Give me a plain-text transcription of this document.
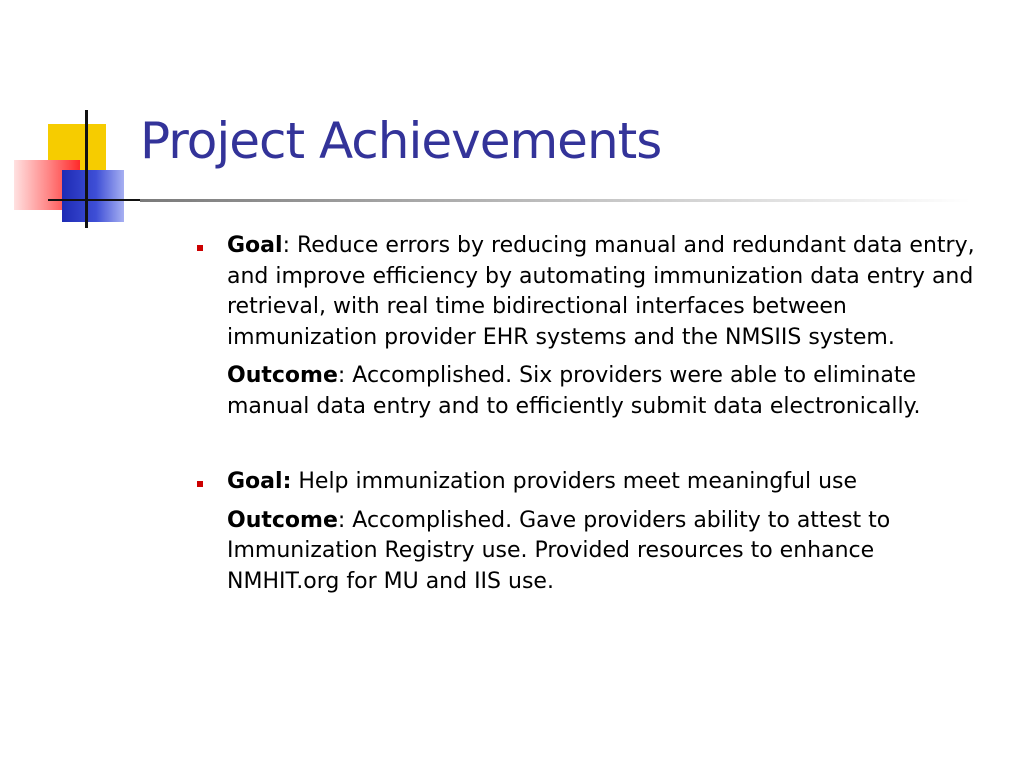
Project Achievements

Goal: Reduce errors by reducing manual and redundant data entry, and improve efficiency by automating immunization data entry and retrieval, with real time bidirectional interfaces between immunization provider EHR systems and the NMSIIS system.

Outcome: Accomplished. Six providers were able to eliminate manual data entry and to efficiently submit data electronically.

Goal: Help immunization providers meet meaningful use

Outcome: Accomplished. Gave providers ability to attest to Immunization Registry use. Provided resources to enhance NMHIT.org for MU and IIS use.
